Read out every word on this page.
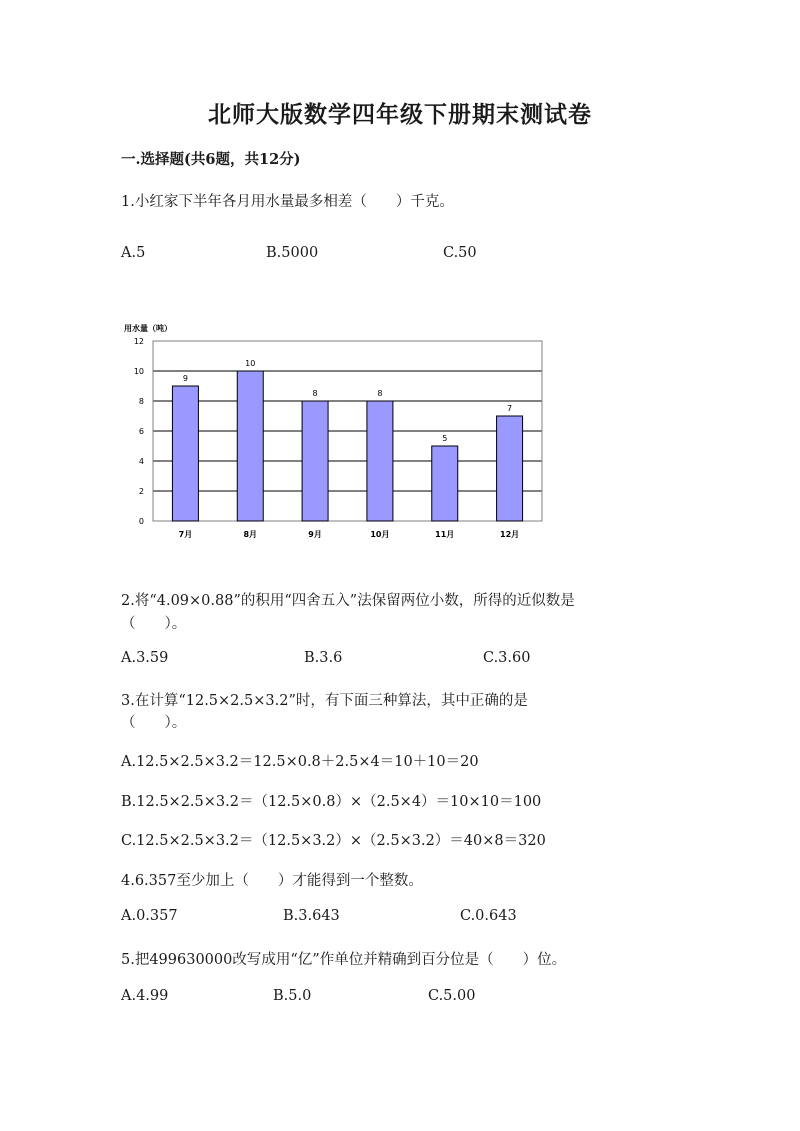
北师大版数学四年级下册期末测试卷
一.选择题(共6题，共12分)
1.小红家下半年各月用水量最多相差（　　）千克。
A.5	B.5000	C.50
用水量（吨）
0
2
4
6
8
10
12
9
10
8	8
5
7
7月	8月	9月	10月	11月	12月
2.将“4.09×0.88”的积用“四舍五入”法保留两位小数，所得的近似数是
（　　）。
A.3.59	B.3.6	C.3.60
3.在计算“12.5×2.5×3.2”时，有下面三种算法，其中正确的是
（　　）。
A.12.5×2.5×3.2＝12.5×0.8＋2.5×4＝10＋10＝20
B.12.5×2.5×3.2＝（12.5×0.8）×（2.5×4）＝10×10＝100
C.12.5×2.5×3.2＝（12.5×3.2）×（2.5×3.2）＝40×8＝320
4.6.357至少加上（　　）才能得到一个整数。
A.0.357	B.3.643	C.0.643
5.把499630000改写成用“亿”作单位并精确到百分位是（　　）位。
A.4.99	B.5.0	C.5.00
